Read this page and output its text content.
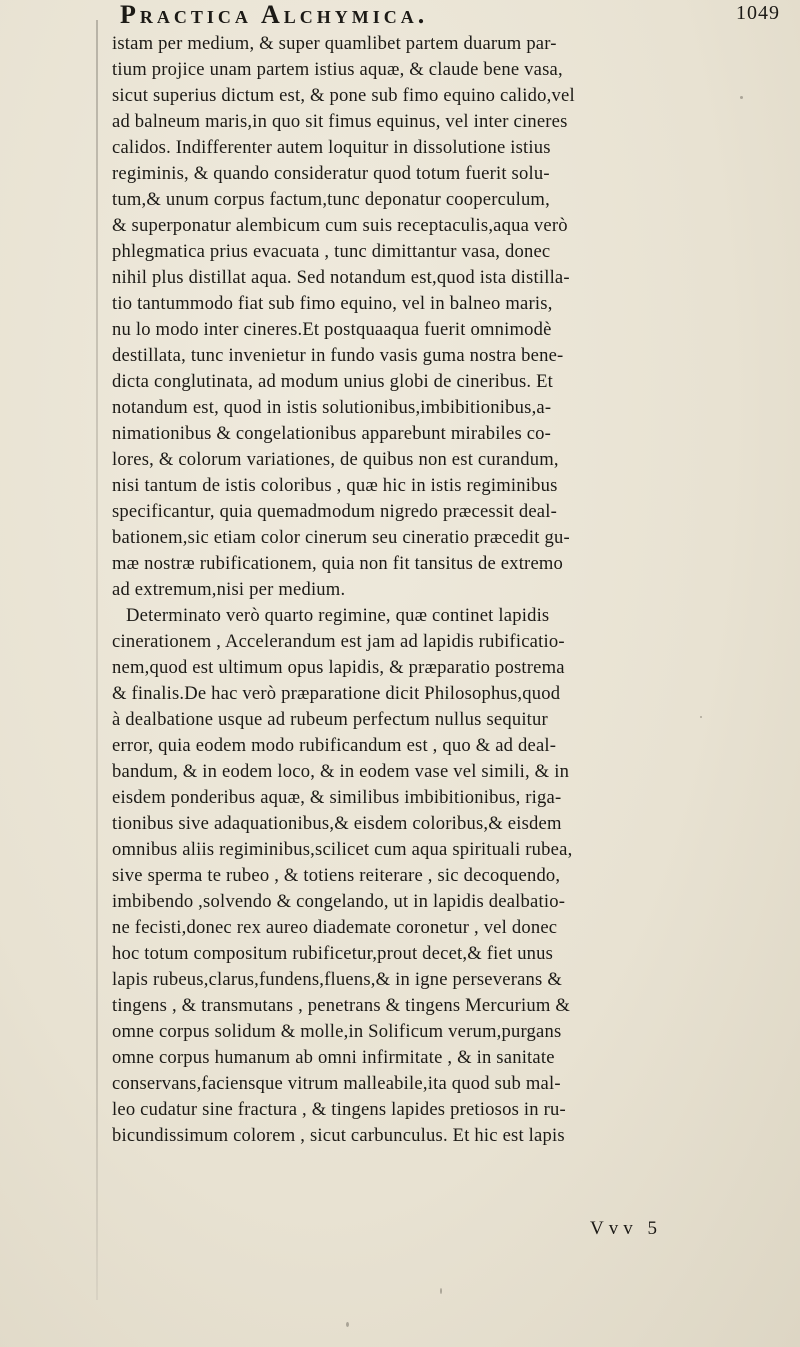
Practica Alchymica.	1049
istam per medium, & super quamlibet partem duarum par-
tium projice unam partem istius aquæ, & claude bene vasa,
sicut superius dictum est, & pone sub fimo equino calido,vel
ad balneum maris,in quo sit fimus equinus, vel inter cineres
calidos. Indifferenter autem loquitur in dissolutione istius
regiminis, & quando consideratur quod totum fuerit solu-
tum,& unum corpus factum,tunc deponatur cooperculum,
& superponatur alembicum cum suis receptaculis,aqua verò
phlegmatica prius evacuata , tunc dimittantur vasa, donec
nihil plus distillat aqua. Sed notandum est,quod ista distilla-
tio tantummodo fiat sub fimo equino, vel in balneo maris,
nu lo modo inter cineres.Et postquaaqua fuerit omnimodè
destillata, tunc invenietur in fundo vasis guma nostra bene-
dicta conglutinata, ad modum unius globi de cineribus. Et
notandum est, quod in istis solutionibus,imbibitionibus,a-
nimationibus & congelationibus apparebunt mirabiles co-
lores, & colorum variationes, de quibus non est curandum,
nisi tantum de istis coloribus , quæ hic in istis regiminibus
specificantur, quia quemadmodum nigredo præcessit deal-
bationem,sic etiam color cinerum seu cineratio præcedit gu-
mæ nostræ rubificationem, quia non fit tansitus de extremo
ad extremum,nisi per medium.
Determinato verò quarto regimine, quæ continet lapidis
cinerationem , Accelerandum est jam ad lapidis rubificatio-
nem,quod est ultimum opus lapidis, & præparatio postrema
& finalis.De hac verò præparatione dicit Philosophus,quod
à dealbatione usque ad rubeum perfectum nullus sequitur
error, quia eodem modo rubificandum est , quo & ad deal-
bandum, & in eodem loco, & in eodem vase vel simili, & in
eisdem ponderibus aquæ, & similibus imbibitionibus, riga-
tionibus sive adaquationibus,& eisdem coloribus,& eisdem
omnibus aliis regiminibus,scilicet cum aqua spirituali rubea,
sive sperma te rubeo , & totiens reiterare , sic decoquendo,
imbibendo ,solvendo & congelando, ut in lapidis dealbatio-
ne fecisti,donec rex aureo diademate coronetur , vel donec
hoc totum compositum rubificetur,prout decet,& fiet unus
lapis rubeus,clarus,fundens,fluens,& in igne perseverans &
tingens , & transmutans , penetrans & tingens Mercurium &
omne corpus solidum & molle,in Solificum verum,purgans
omne corpus humanum ab omni infirmitate , & in sanitate
conservans,faciensque vitrum malleabile,ita quod sub mal-
leo cudatur sine fractura , & tingens lapides pretiosos in ru-
bicundissimum colorem , sicut carbunculus. Et hic est lapis
Vvv 5
